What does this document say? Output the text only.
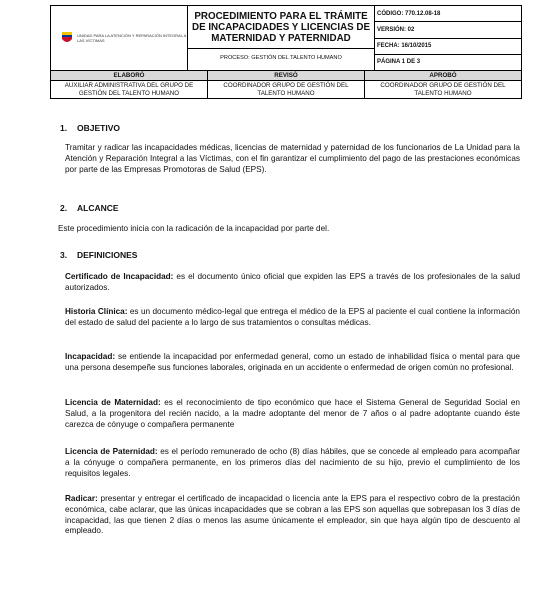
UNIDAD PARA LA ATENCIÓN Y REPARACIÓN INTEGRAL A LAS VÍCTIMAS

PROCEDIMIENTO PARA EL TRÁMITE DE INCAPACIDADES Y LICENCIAS DE MATERNIDAD Y PATERNIDAD
PROCESO: GESTIÓN DEL TALENTO HUMANO
	CÓDIGO: 770.12.08-18
VERSIÓN: 02
FECHA: 16/10/2015
PÁGINA 1 DE 3
ELABORÓ	REVISÓ	APROBÓ
AUXILIAR ADMINISTRATIVA DEL GRUPO DE GESTIÓN DEL TALENTO HUMANO	COORDINADOR GRUPO DE GESTIÓN DEL TALENTO HUMANO	COORDINADOR GRUPO DE GESTIÓN DEL TALENTO HUMANO
1. OBJETIVO

Tramitar y radicar las incapacidades médicas, licencias de maternidad y paternidad de los funcionarios de La Unidad para la Atención y Reparación Integral a las Víctimas, con el fin garantizar el cumplimiento del pago de las prestaciones económicas por parte de las Empresas Promotoras de Salud (EPS).

2. ALCANCE

Este procedimiento inicia con la radicación de la incapacidad por parte del.

3. DEFINICIONES

Certificado de Incapacidad: es el documento único oficial que expiden las EPS a través de los profesionales de la salud autorizados.

Historia Clínica: es un documento médico-legal que entrega el médico de la EPS al paciente el cual contiene la información del estado de salud del paciente a lo largo de sus tratamientos o consultas médicas.

Incapacidad: se entiende la incapacidad por enfermedad general, como un estado de inhabilidad física o mental para que una persona desempeñe sus funciones laborales, originada en un accidente o enfermedad de origen común no profesional.

Licencia de Maternidad: es el reconocimiento de tipo económico que hace el Sistema General de Seguridad Social en Salud, a la progenitora del recién nacido, a la madre adoptante del menor de 7 años o al padre adoptante cuando éste carezca de cónyuge o compañera permanente

Licencia de Paternidad: es el período remunerado de ocho (8) días hábiles, que se concede al empleado para acompañar a la cónyuge o compañera permanente, en los primeros días del nacimiento de su hijo, previo el cumplimiento de los requisitos legales.

Radicar: presentar y entregar el certificado de incapacidad o licencia ante la EPS para el respectivo cobro de la prestación económica, cabe aclarar, que las únicas incapacidades que se cobran a las EPS son aquellas que sobrepasan los 3 días de incapacidad, las que tienen 2 días o menos las asume únicamente el empleador, sin que haya algún tipo de descuento al empleado.
